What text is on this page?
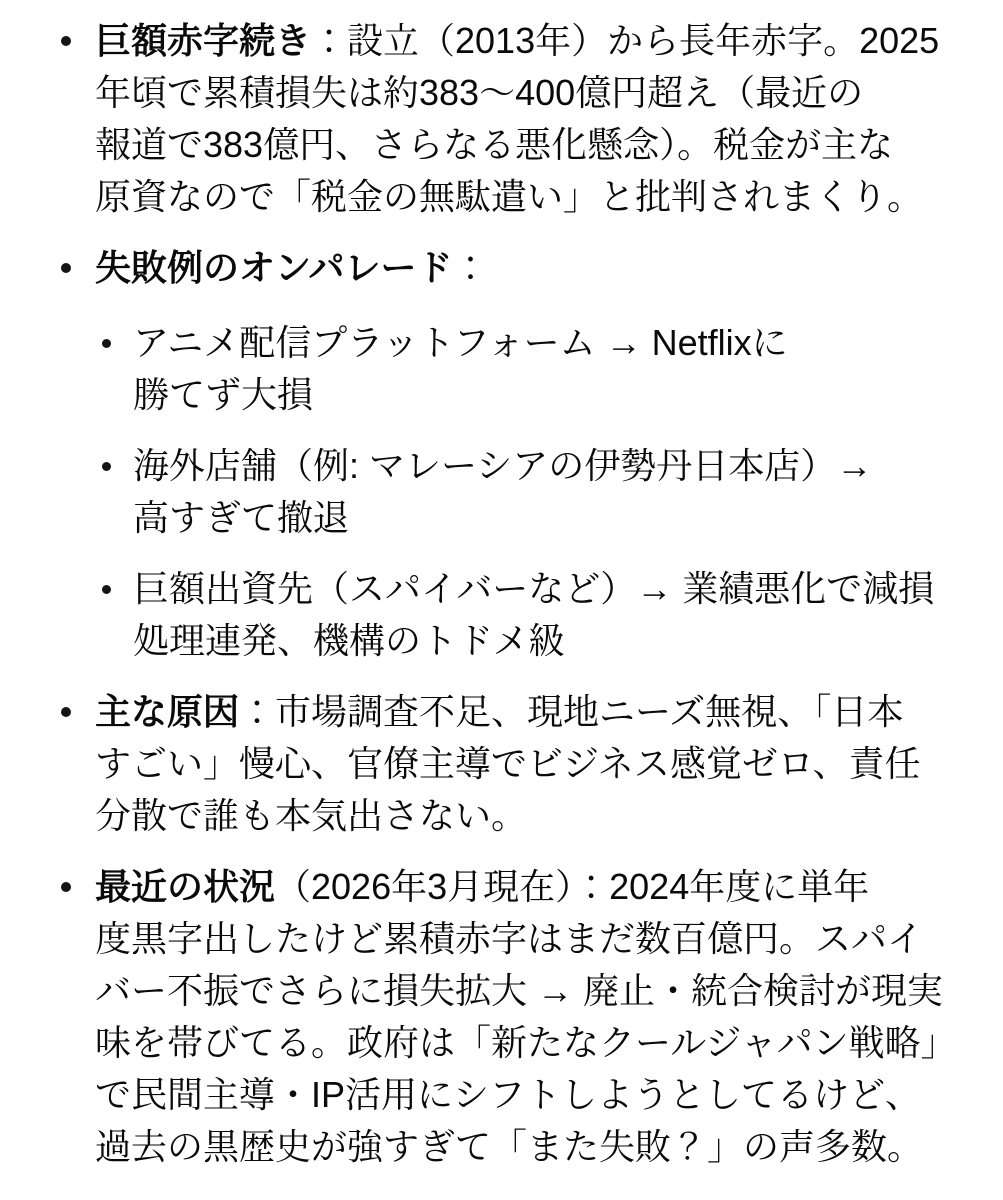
巨額赤字続き：設立（2013年）から長年赤字。2025
年頃で累積損失は約383〜400億円超え（最近の
報道で383億円、さらなる悪化懸念）。税金が主な
原資なので「税金の無駄遣い」と批判されまくり。
失敗例のオンパレード：
アニメ配信プラットフォーム → Netflixに
勝てず大損
海外店舗（例: マレーシアの伊勢丹日本店）→
高すぎて撤退
巨額出資先（スパイバーなど）→ 業績悪化で減損
処理連発、機構のトドメ級
主な原因：市場調査不足、現地ニーズ無視、「日本
すごい」慢心、官僚主導でビジネス感覚ゼロ、責任
分散で誰も本気出さない。
最近の状況（2026年3月現在）：2024年度に単年
度黒字出したけど累積赤字はまだ数百億円。スパイ
バー不振でさらに損失拡大 → 廃止・統合検討が現実
味を帯びてる。政府は「新たなクールジャパン戦略」
で民間主導・IP活用にシフトしようとしてるけど、
過去の黒歴史が強すぎて「また失敗？」の声多数。
